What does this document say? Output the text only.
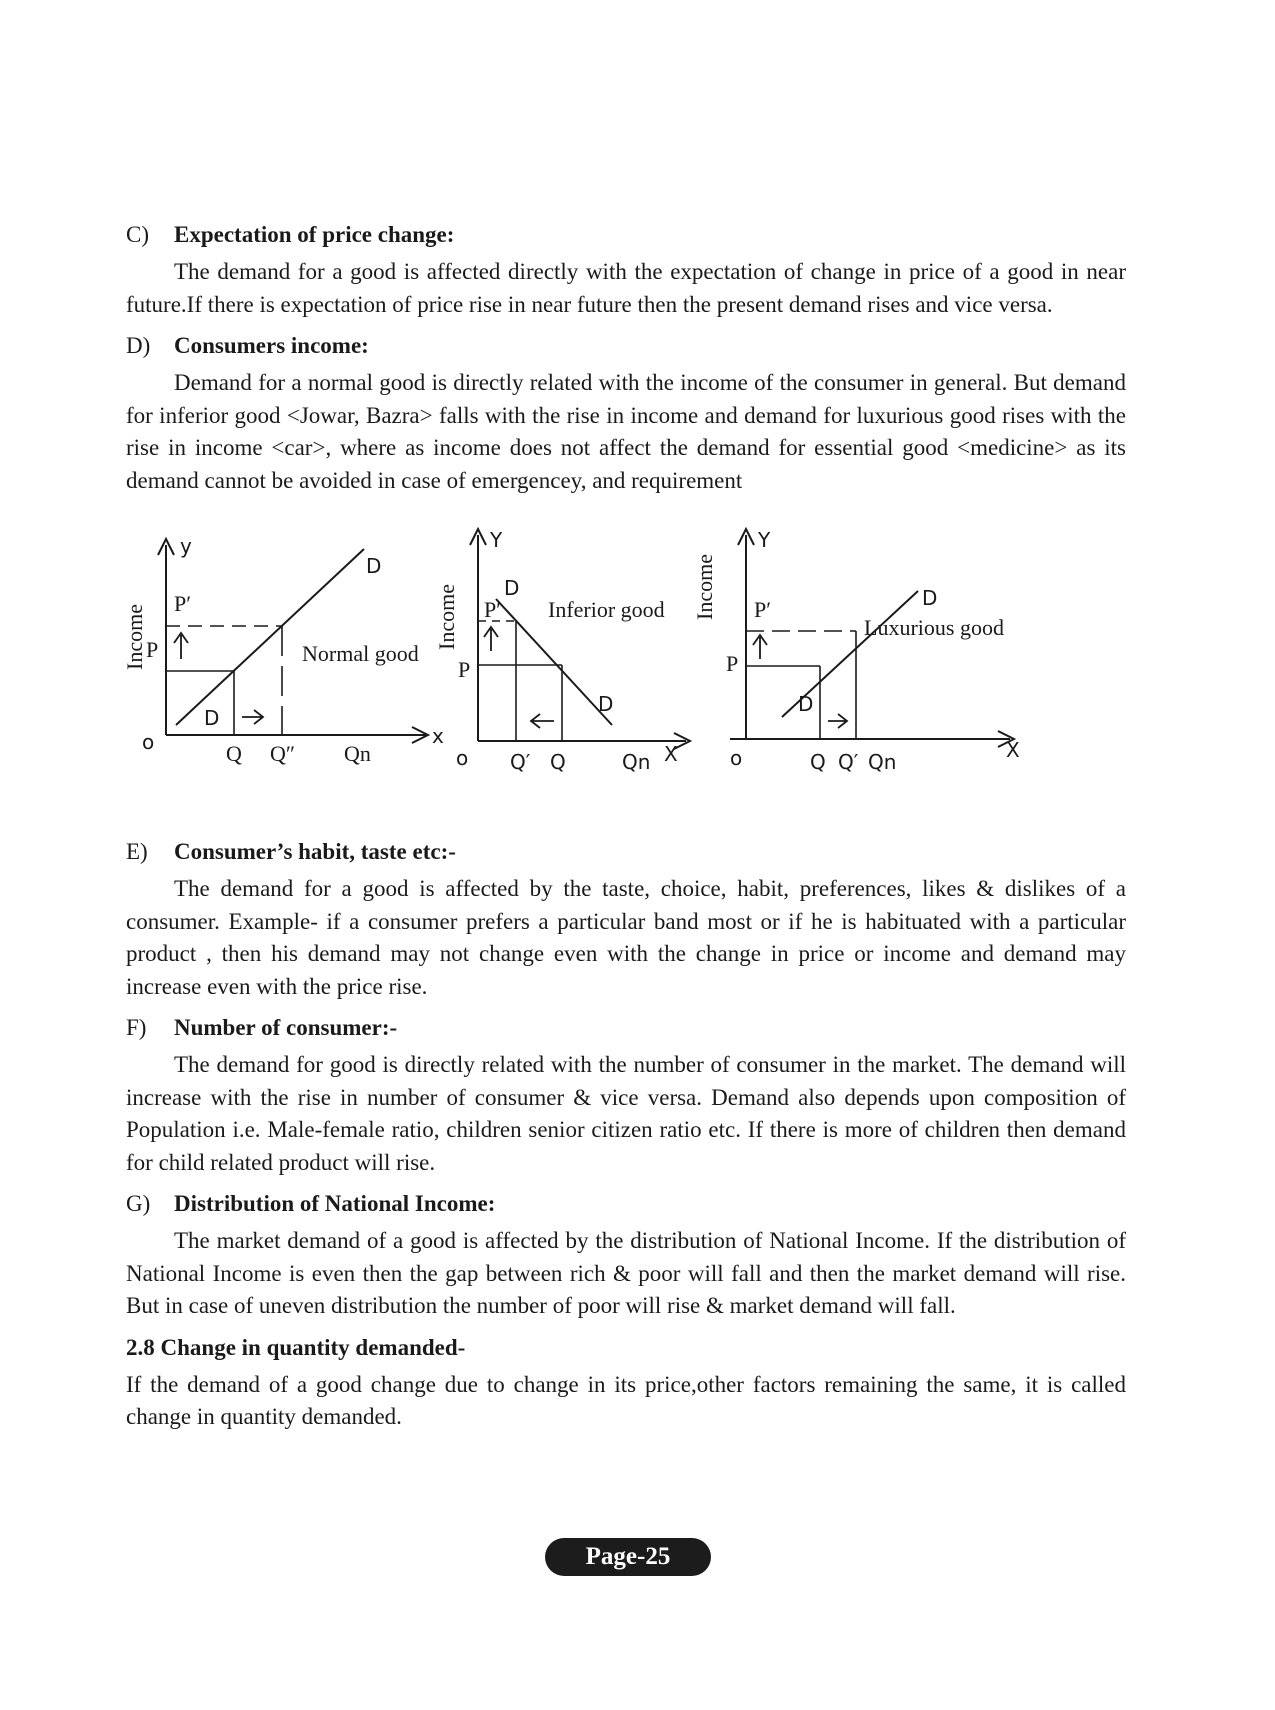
C) Expectation of price change:

The demand for a good is affected directly with the expectation of change in price of a good in near future.If there is expectation of price rise in near future then the present demand rises and vice versa.

D) Consumers income:

Demand for a normal good is directly related with the income of the consumer in general. But demand for inferior good <Jowar, Bazra> falls with the rise in income and demand for luxurious good rises with the rise in income <car>, where as income does not affect the demand for essential good <medicine> as its demand cannot be avoided in case of emergencey, and requirement

Income
y
x
o
D
D
P
P′
Q Q″ Qn
Normal good
Income
Y
X
o
D
D
P
P′
Q′ Q	Qn
Inferior good Income
Y
X
o
D
D
P
P′
Q Q′ Qn
Luxurious good
E) Consumer’s habit, taste etc:-

The demand for a good is affected by the taste, choice, habit, preferences, likes & dislikes of a consumer. Example- if a consumer prefers a particular band most or if he is habituated with a particular product , then his demand may not change even with the change in price or income and demand may increase even with the price rise.

F) Number of consumer:-

The demand for good is directly related with the number of consumer in the market. The demand will increase with the rise in number of consumer & vice versa. Demand also depends upon composition of Population i.e. Male-female ratio, children senior citizen ratio etc. If there is more of children then demand for child related product will rise.

G) Distribution of National Income:

The market demand of a good is affected by the distribution of National Income. If the distribution of National Income is even then the gap between rich & poor will fall and then the market demand will rise. But in case of uneven distribution the number of poor will rise & market demand will fall.

2.8 Change in quantity demanded-

If the demand of a good change due to change in its price,other factors remaining the same, it is called change in quantity demanded.

Page-25
